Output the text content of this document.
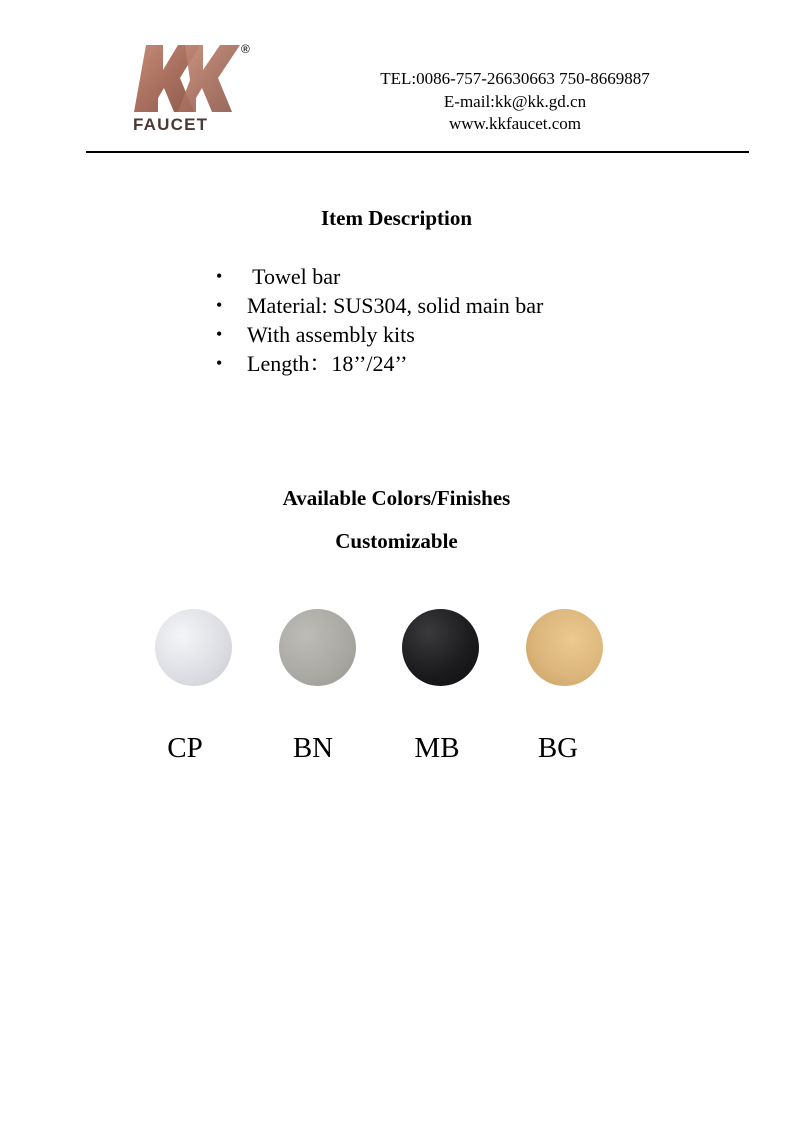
®
FAUCET
TEL:0086-757-26630663 750-8669887
E-mail:kk@kk.gd.cn
www.kkfaucet.com
Item Description
• Towel bar
• Material: SUS304, solid main bar
• With assembly kits
• Length：18’’/24’’
Available Colors/Finishes
Customizable
CP	BN	MB	BG
